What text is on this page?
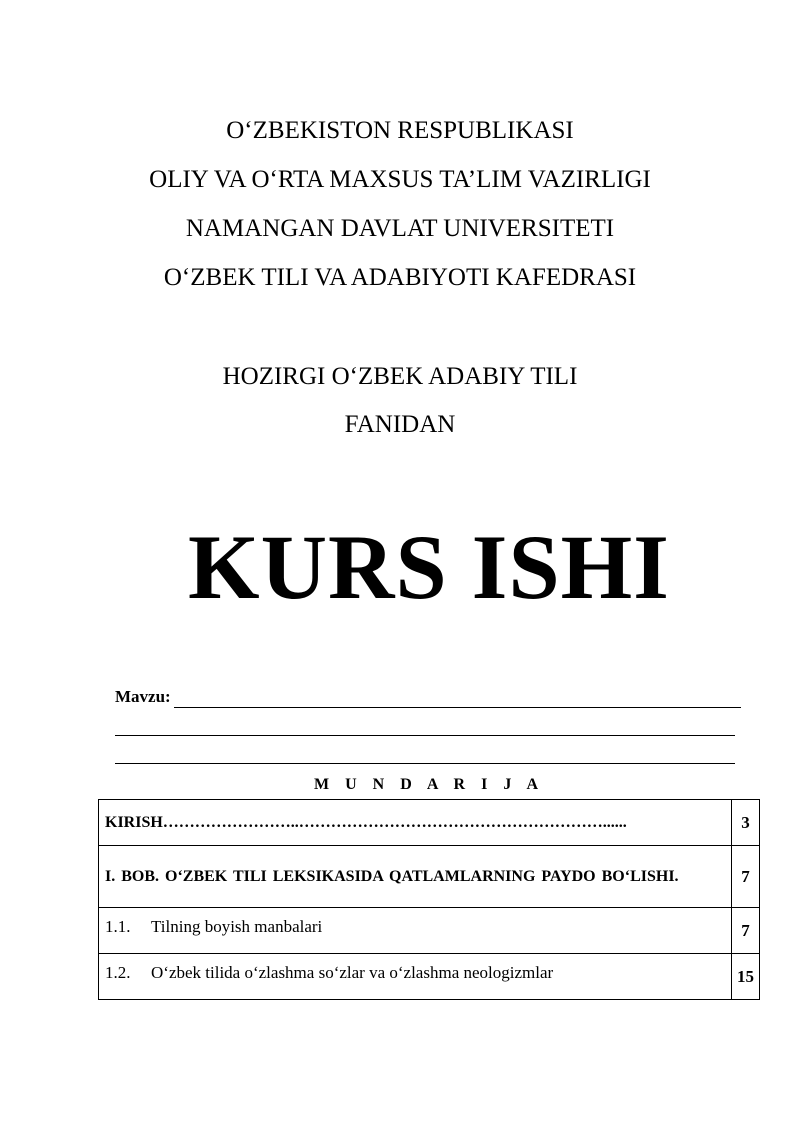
O‘ZBEKISTON RESPUBLIKASI
OLIY VA O‘RTA MAXSUS TA’LIM VAZIRLIGI
NAMANGAN DAVLAT UNIVERSITETI
O‘ZBEK TILI VA ADABIYOTI KAFEDRASI
HOZIRGI O‘ZBEK ADABIY TILI
FANIDAN
KURS ISHI
Mavzu:
M U N D A R I J A
KIRISH……………………..…………………………………………………......	3
I. BOB. O‘ZBEK TILI LEKSIKASIDA QATLAMLARNING PAYDO BO‘LISHI.	7

1.1. Tilning boyish manbalari	7

1.2. O‘zbek tilida o‘zlashma so‘zlar va o‘zlashma neologizmlar	15
